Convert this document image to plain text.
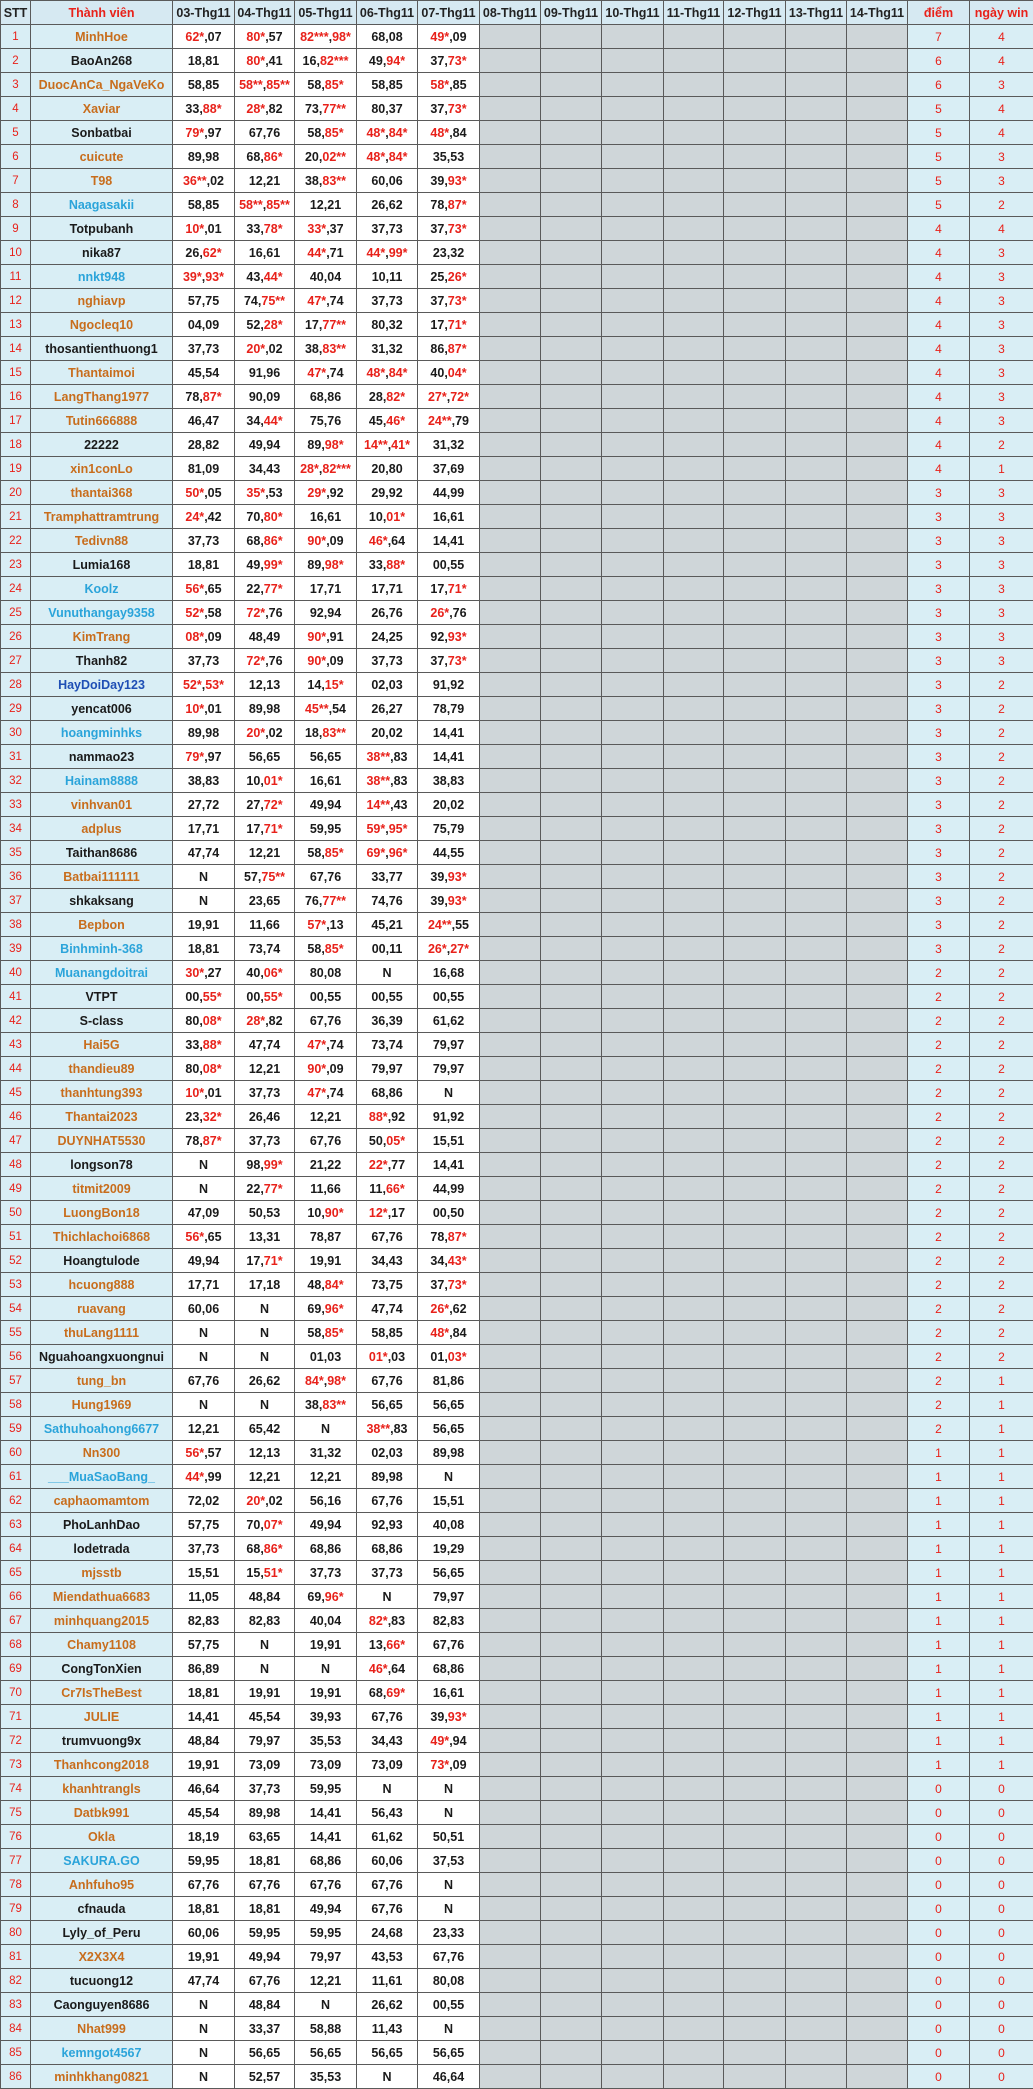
STT	Thành viên	03-Thg11	04-Thg11	05-Thg11	06-Thg11	07-Thg11	08-Thg11	09-Thg11	10-Thg11	11-Thg11	12-Thg11	13-Thg11	14-Thg11	điểm	ngày win
1	MinhHoe	62*,07	80*,57	82***,98*	68,08	49*,09								7	4
2	BaoAn268	18,81	80*,41	16,82***	49,94*	37,73*								6	4
3	DuocAnCa_NgaVeKo	58,85	58**,85**	58,85*	58,85	58*,85								6	3
4	Xaviar	33,88*	28*,82	73,77**	80,37	37,73*								5	4
5	Sonbatbai	79*,97	67,76	58,85*	48*,84*	48*,84								5	4
6	cuicute	89,98	68,86*	20,02**	48*,84*	35,53								5	3
7	T98	36**,02	12,21	38,83**	60,06	39,93*								5	3
8	Naagasakii	58,85	58**,85**	12,21	26,62	78,87*								5	2
9	Totpubanh	10*,01	33,78*	33*,37	37,73	37,73*								4	4
10	nika87	26,62*	16,61	44*,71	44*,99*	23,32								4	3
11	nnkt948	39*,93*	43,44*	40,04	10,11	25,26*								4	3
12	nghiavp	57,75	74,75**	47*,74	37,73	37,73*								4	3
13	Ngocleq10	04,09	52,28*	17,77**	80,32	17,71*								4	3
14	thosantienthuong1	37,73	20*,02	38,83**	31,32	86,87*								4	3
15	Thantaimoi	45,54	91,96	47*,74	48*,84*	40,04*								4	3
16	LangThang1977	78,87*	90,09	68,86	28,82*	27*,72*								4	3
17	Tutin666888	46,47	34,44*	75,76	45,46*	24**,79								4	3
18	22222	28,82	49,94	89,98*	14**,41*	31,32								4	2
19	xin1conLo	81,09	34,43	28*,82***	20,80	37,69								4	1
20	thantai368	50*,05	35*,53	29*,92	29,92	44,99								3	3
21	Tramphattramtrung	24*,42	70,80*	16,61	10,01*	16,61								3	3
22	Tedivn88	37,73	68,86*	90*,09	46*,64	14,41								3	3
23	Lumia168	18,81	49,99*	89,98*	33,88*	00,55								3	3
24	Koolz	56*,65	22,77*	17,71	17,71	17,71*								3	3
25	Vunuthangay9358	52*,58	72*,76	92,94	26,76	26*,76								3	3
26	KimTrang	08*,09	48,49	90*,91	24,25	92,93*								3	3
27	Thanh82	37,73	72*,76	90*,09	37,73	37,73*								3	3
28	HayDoiDay123	52*,53*	12,13	14,15*	02,03	91,92								3	2
29	yencat006	10*,01	89,98	45**,54	26,27	78,79								3	2
30	hoangminhks	89,98	20*,02	18,83**	20,02	14,41								3	2
31	nammao23	79*,97	56,65	56,65	38**,83	14,41								3	2
32	Hainam8888	38,83	10,01*	16,61	38**,83	38,83								3	2
33	vinhvan01	27,72	27,72*	49,94	14**,43	20,02								3	2
34	adplus	17,71	17,71*	59,95	59*,95*	75,79								3	2
35	Taithan8686	47,74	12,21	58,85*	69*,96*	44,55								3	2
36	Batbai111111	N	57,75**	67,76	33,77	39,93*								3	2
37	shkaksang	N	23,65	76,77**	74,76	39,93*								3	2
38	Bepbon	19,91	11,66	57*,13	45,21	24**,55								3	2
39	Binhminh-368	18,81	73,74	58,85*	00,11	26*,27*								3	2
40	Muanangdoitrai	30*,27	40,06*	80,08	N	16,68								2	2
41	VTPT	00,55*	00,55*	00,55	00,55	00,55								2	2
42	S-class	80,08*	28*,82	67,76	36,39	61,62								2	2
43	Hai5G	33,88*	47,74	47*,74	73,74	79,97								2	2
44	thandieu89	80,08*	12,21	90*,09	79,97	79,97								2	2
45	thanhtung393	10*,01	37,73	47*,74	68,86	N								2	2
46	Thantai2023	23,32*	26,46	12,21	88*,92	91,92								2	2
47	DUYNHAT5530	78,87*	37,73	67,76	50,05*	15,51								2	2
48	longson78	N	98,99*	21,22	22*,77	14,41								2	2
49	titmit2009	N	22,77*	11,66	11,66*	44,99								2	2
50	LuongBon18	47,09	50,53	10,90*	12*,17	00,50								2	2
51	Thichlachoi6868	56*,65	13,31	78,87	67,76	78,87*								2	2
52	Hoangtulode	49,94	17,71*	19,91	34,43	34,43*								2	2
53	hcuong888	17,71	17,18	48,84*	73,75	37,73*								2	2
54	ruavang	60,06	N	69,96*	47,74	26*,62								2	2
55	thuLang1111	N	N	58,85*	58,85	48*,84								2	2
56	Nguahoangxuongnui	N	N	01,03	01*,03	01,03*								2	2
57	tung_bn	67,76	26,62	84*,98*	67,76	81,86								2	1
58	Hung1969	N	N	38,83**	56,65	56,65								2	1
59	Sathuhoahong6677	12,21	65,42	N	38**,83	56,65								2	1
60	Nn300	56*,57	12,13	31,32	02,03	89,98								1	1
61	___MuaSaoBang_	44*,99	12,21	12,21	89,98	N								1	1
62	caphaomamtom	72,02	20*,02	56,16	67,76	15,51								1	1
63	PhoLanhDao	57,75	70,07*	49,94	92,93	40,08								1	1
64	lodetrada	37,73	68,86*	68,86	68,86	19,29								1	1
65	mjsstb	15,51	15,51*	37,73	37,73	56,65								1	1
66	Miendathua6683	11,05	48,84	69,96*	N	79,97								1	1
67	minhquang2015	82,83	82,83	40,04	82*,83	82,83								1	1
68	Chamy1108	57,75	N	19,91	13,66*	67,76								1	1
69	CongTonXien	86,89	N	N	46*,64	68,86								1	1
70	Cr7IsTheBest	18,81	19,91	19,91	68,69*	16,61								1	1
71	JULIE	14,41	45,54	39,93	67,76	39,93*								1	1
72	trumvuong9x	48,84	79,97	35,53	34,43	49*,94								1	1
73	Thanhcong2018	19,91	73,09	73,09	73,09	73*,09								1	1
74	khanhtrangls	46,64	37,73	59,95	N	N								0	0
75	Datbk991	45,54	89,98	14,41	56,43	N								0	0
76	Okla	18,19	63,65	14,41	61,62	50,51								0	0
77	SAKURA.GO	59,95	18,81	68,86	60,06	37,53								0	0
78	Anhfuho95	67,76	67,76	67,76	67,76	N								0	0
79	cfnauda	18,81	18,81	49,94	67,76	N								0	0
80	Lyly_of_Peru	60,06	59,95	59,95	24,68	23,33								0	0
81	X2X3X4	19,91	49,94	79,97	43,53	67,76								0	0
82	tucuong12	47,74	67,76	12,21	11,61	80,08								0	0
83	Caonguyen8686	N	48,84	N	26,62	00,55								0	0
84	Nhat999	N	33,37	58,88	11,43	N								0	0
85	kemngot4567	N	56,65	56,65	56,65	56,65								0	0
86	minhkhang0821	N	52,57	35,53	N	46,64								0	0
